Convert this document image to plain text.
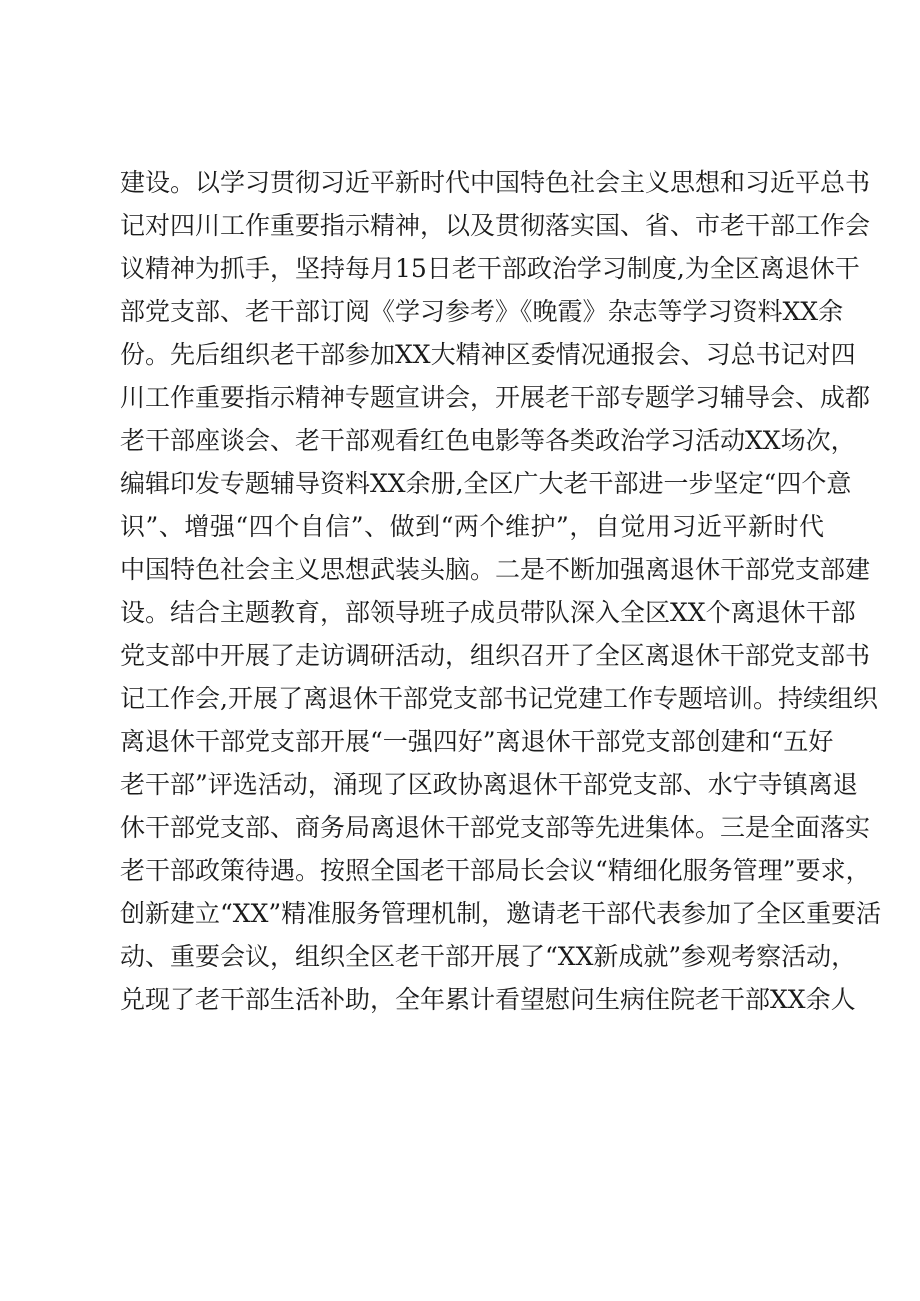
建设。以学习贯彻习近平新时代中国特色社会主义思想和习近平总书
记对四川工作重要指示精神，以及贯彻落实国、省、市老干部工作会
议精神为抓手，坚持每月15日老干部政治学习制度,为全区离退休干
部党支部、老干部订阅《学习参考》《晚霞》杂志等学习资料XX余
份。先后组织老干部参加XX大精神区委情况通报会、习总书记对四
川工作重要指示精神专题宣讲会，开展老干部专题学习辅导会、成都
老干部座谈会、老干部观看红色电影等各类政治学习活动XX场次，
编辑印发专题辅导资料XX余册,全区广大老干部进一步坚定“四个意
识”、增强“四个自信”、做到“两个维护”，自觉用习近平新时代
中国特色社会主义思想武装头脑。二是不断加强离退休干部党支部建
设。结合主题教育，部领导班子成员带队深入全区XX个离退休干部
党支部中开展了走访调研活动，组织召开了全区离退休干部党支部书
记工作会,开展了离退休干部党支部书记党建工作专题培训。持续组织
离退休干部党支部开展“一强四好”离退休干部党支部创建和“五好
老干部”评选活动，涌现了区政协离退休干部党支部、水宁寺镇离退
休干部党支部、商务局离退休干部党支部等先进集体。三是全面落实
老干部政策待遇。按照全国老干部局长会议“精细化服务管理”要求，
创新建立“XX”精准服务管理机制，邀请老干部代表参加了全区重要活
动、重要会议，组织全区老干部开展了“XX新成就”参观考察活动，
兑现了老干部生活补助，全年累计看望慰问生病住院老干部XX余人
